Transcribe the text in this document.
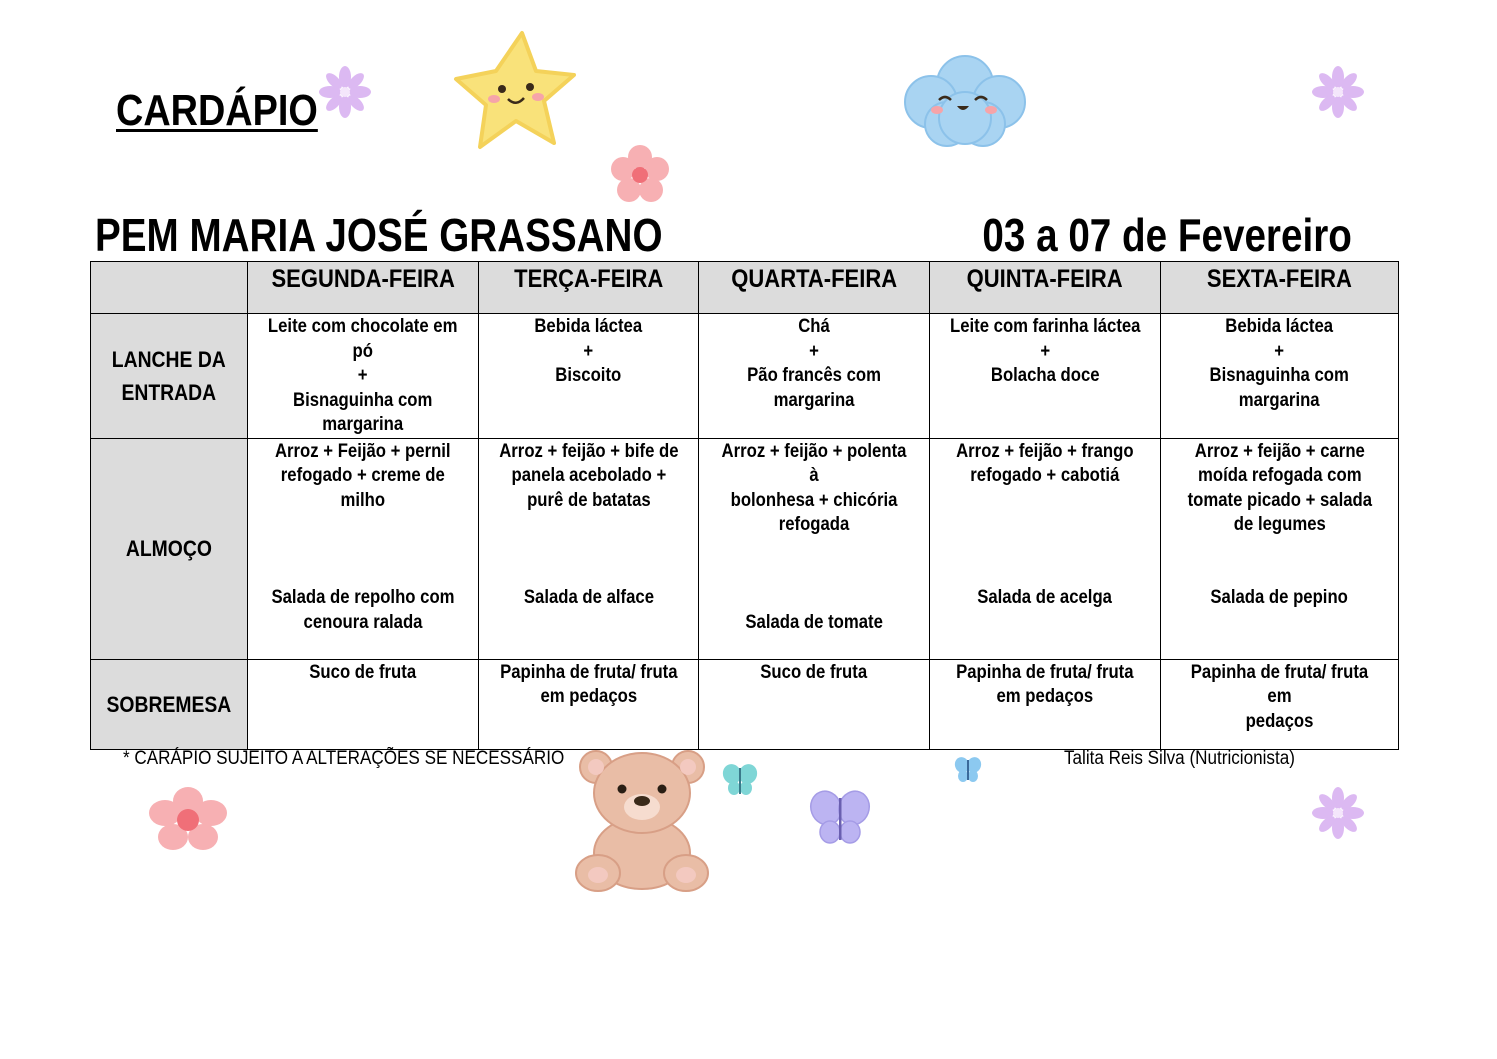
CARDÁPIO
PEM MARIA JOSÉ GRASSANO	03 a 07 de Fevereiro
	SEGUNDA-FEIRA	TERÇA-FEIRA	QUARTA-FEIRA	QUINTA-FEIRA	SEXTA-FEIRA
LANCHE DA
ENTRADA	Leite com chocolate em
pó
+
Bisnaguinha com
margarina	Bebida láctea
+
Biscoito	Chá
+
Pão francês com
margarina	Leite com farinha láctea
+
Bolacha doce	Bebida láctea
+
Bisnaguinha com
margarina
ALMOÇO	Arroz + Feijão + pernil
refogado + creme de
milhoSalada de repolho com
cenoura ralada	Arroz + feijão + bife de
panela acebolado +
purê de batatasSalada de alface	Arroz + feijão + polenta à
bolonhesa + chicória
refogadaSalada de tomate	Arroz + feijão + frango
refogado + cabotiáSalada de acelga	Arroz + feijão + carne
moída refogada com
tomate picado + salada
de legumesSalada de pepino
SOBREMESA	Suco de fruta	Papinha de fruta/ fruta
em pedaços	Suco de fruta	Papinha de fruta/ fruta
em pedaços	Papinha de fruta/ fruta em
pedaços
* CARÁPIO SUJEITO A ALTERAÇÕES SE NECESSÁRIO	Talita Reis Silva (Nutricionista)
